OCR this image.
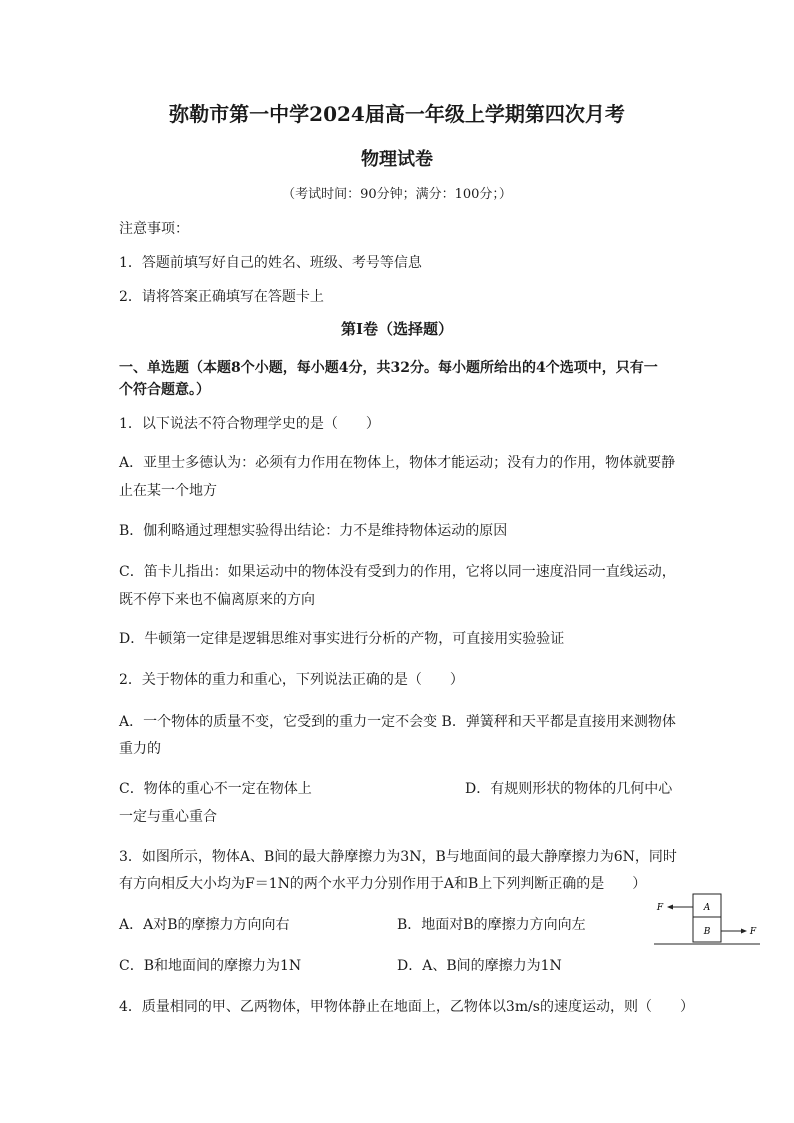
弥勒市第一中学2024届高一年级上学期第四次月考
物理试卷
（考试时间：90分钟；满分：100分；）
注意事项：
1．答题前填写好自己的姓名、班级、考号等信息
2．请将答案正确填写在答题卡上
第I卷（选择题）
一、单选题（本题8个小题，每小题4分，共32分。每小题所给出的4个选项中，只有一
个符合题意。）
1．以下说法不符合物理学史的是（　　）
A．亚里士多德认为：必须有力作用在物体上，物体才能运动；没有力的作用，物体就要静
止在某一个地方
B．伽利略通过理想实验得出结论：力不是维持物体运动的原因
C．笛卡儿指出：如果运动中的物体没有受到力的作用，它将以同一速度沿同一直线运动，
既不停下来也不偏离原来的方向
D．牛顿第一定律是逻辑思维对事实进行分析的产物，可直接用实验验证
2．关于物体的重力和重心，下列说法正确的是（　　）
A．一个物体的质量不变，它受到的重力一定不会变 B．弹簧秤和天平都是直接用来测物体
重力的
C．物体的重心不一定在物体上	D．有规则形状的物体的几何中心
一定与重心重合
3．如图所示，物体A、B间的最大静摩擦力为3N，B与地面间的最大静摩擦力为6N，同时
有方向相反大小均为F＝1N的两个水平力分别作用于A和B上下列判断正确的是　　）
A．A对B的摩擦力方向向右	B．地面对B的摩擦力方向向左
C．B和地面间的摩擦力为1N	D．A、B间的摩擦力为1N
A
B
F
F
4．质量相同的甲、乙两物体，甲物体静止在地面上，乙物体以3m/s的速度运动，则（　　）
